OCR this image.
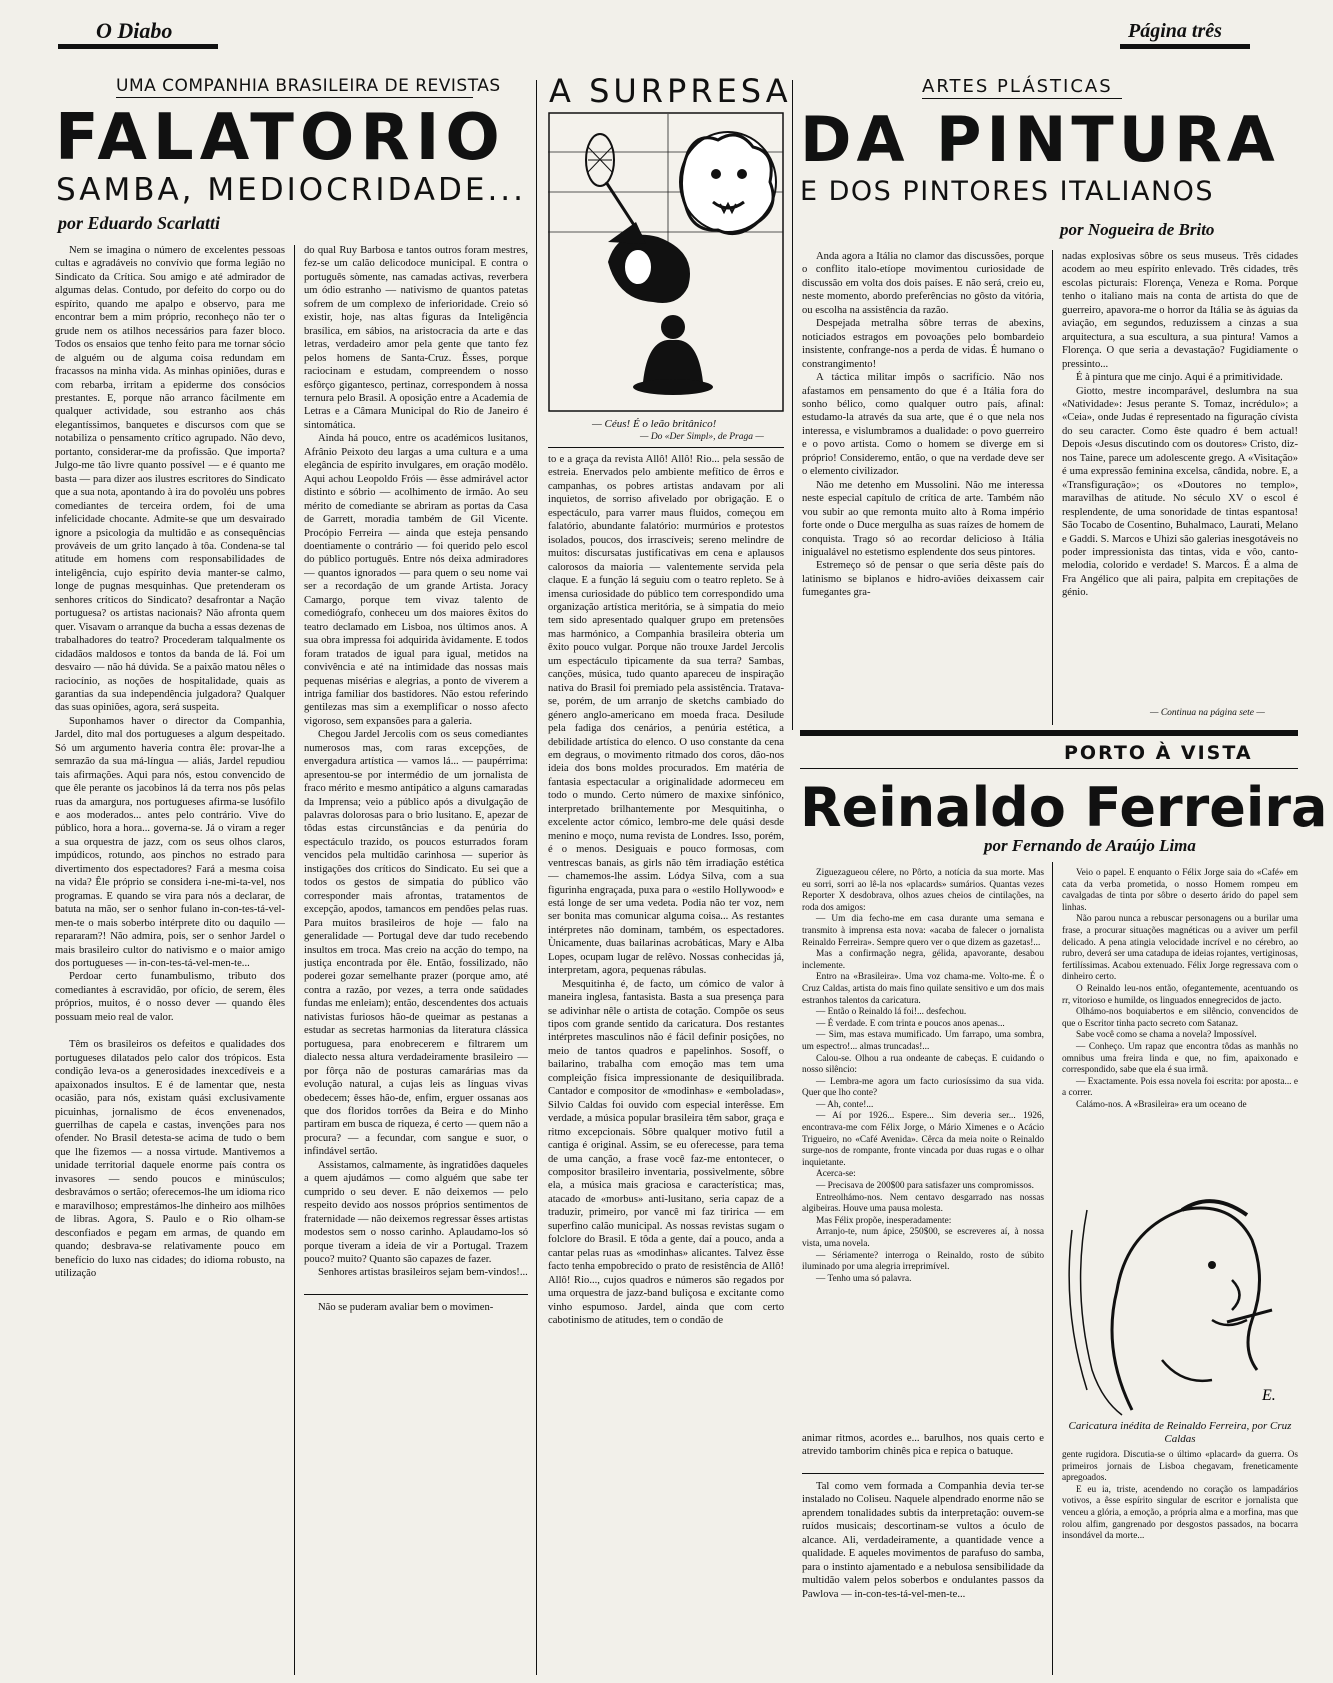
O Diabo	Página três
UMA COMPANHIA BRASILEIRA DE REVISTAS
FALATORIO
SAMBA, MEDIOCRIDADE...
por Eduardo Scarlatti

Nem se imagina o número de excelentes pessoas cultas e agradáveis no convívio que forma legião no Sindicato da Crítica. Sou amigo e até admirador de algumas delas. Contudo, por defeito do corpo ou do espírito, quando me apalpo e observo, para me encontrar bem a mim próprio, reconheço não ter o grude nem os atilhos necessários para fazer bloco. Todos os ensaios que tenho feito para me tornar sócio de alguém ou de alguma coisa redundam em fracassos na minha vida. As minhas opiniões, duras e com rebarba, irritam a epiderme dos consócios prestantes. E, porque não arranco fàcilmente em qualquer actividade, sou estranho aos chás elegantíssimos, banquetes e discursos com que se notabiliza o pensamento crítico agrupado. Não devo, portanto, considerar-me da profissão. Que importa? Julgo-me tão livre quanto possível — e é quanto me basta — para dizer aos ilustres escritores do Sindicato que a sua nota, apontando à ira do povoléu uns pobres comediantes de terceira ordem, foi de uma infelicidade chocante. Admite-se que um desvairado ignore a psicologia da multidão e as consequências prováveis de um grito lançado à tôa. Condena-se tal atitude em homens com responsabilidades de inteligência, cujo espírito devia manter-se calmo, longe de pugnas mesquinhas. Que pretenderam os senhores críticos do Sindicato? desafrontar a Nação portuguesa? os artistas nacionais? Não afronta quem quer. Visavam o arranque da bucha a essas dezenas de trabalhadores do teatro? Procederam talqualmente os cidadãos maldosos e tontos da banda de lá. Foi um desvairo — não há dúvida. Se a paixão matou nêles o raciocínio, as noções de hospitalidade, quais as garantias da sua independência julgadora? Qualquer das suas opiniões, agora, será suspeita.

Suponhamos haver o director da Companhia, Jardel, dito mal dos portugueses a algum despeitado. Só um argumento haveria contra êle: provar-lhe a semrazão da sua má-língua — aliás, Jardel repudiou tais afirmações. Aqui para nós, estou convencido de que êle perante os jacobinos lá da terra nos pôs pelas ruas da amargura, nos portugueses afirma-se lusófilo e aos moderados... antes pelo contrário. Vive do público, hora a hora... governa-se. Já o viram a reger a sua orquestra de jazz, com os seus olhos claros, impúdicos, rotundo, aos pinchos no estrado para divertimento dos espectadores? Fará a mesma coisa na vida? Êle próprio se considera i-ne-mi-ta-vel, nos programas. E quando se vira para nós a declarar, de batuta na mão, ser o senhor fulano in-con-tes-tá-vel-men-te o mais soberbo intérprete dito ou daquilo — repararam?! Não admira, pois, ser o senhor Jardel o mais brasileiro cultor do nativismo e o maior amigo dos portugueses — in-con-tes-tá-vel-men-te...

Perdoar certo funambulismo, tributo dos comediantes à escravidão, por ofício, de serem, êles próprios, muitos, é o nosso dever — quando êles possuam meio real de valor.

Têm os brasileiros os defeitos e qualidades dos portugueses dilatados pelo calor dos trópicos. Esta condição leva-os a generosidades inexcedíveis e a apaixonados insultos. E é de lamentar que, nesta ocasião, para nós, existam quási exclusivamente picuinhas, jornalismo de écos envenenados, guerrilhas de capela e castas, invenções para nos ofender. No Brasil detesta-se acima de tudo o bem que lhe fizemos — a nossa virtude. Mantivemos a unidade territorial daquele enorme país contra os invasores — sendo poucos e minúsculos; desbravámos o sertão; oferecemos-lhe um idioma rico e maravilhoso; emprestámos-lhe dinheiro aos milhões de libras. Agora, S. Paulo e o Rio olham-se desconfiados e pegam em armas, de quando em quando; desbrava-se relativamente pouco em benefício do luxo nas cidades; do idioma robusto, na utilização

do qual Ruy Barbosa e tantos outros foram mestres, fez-se um calão delicodoce municipal. E contra o português sòmente, nas camadas activas, reverbera um ódio estranho — nativismo de quantos patetas sofrem de um complexo de inferioridade. Creio só existir, hoje, nas altas figuras da Inteligência brasílica, em sábios, na aristocracia da arte e das letras, verdadeiro amor pela gente que tanto fez pelos homens de Santa-Cruz. Êsses, porque raciocinam e estudam, compreendem o nosso esfôrço gigantesco, pertinaz, correspondem à nossa ternura pelo Brasil. A oposição entre a Academia de Letras e a Câmara Municipal do Rio de Janeiro é sintomática.

Ainda há pouco, entre os académicos lusitanos, Afrânio Peixoto deu largas a uma cultura e a uma elegância de espírito invulgares, em oração modêlo. Aqui achou Leopoldo Fróis — êsse admirável actor distinto e sóbrio — acolhimento de irmão. Ao seu mérito de comediante se abriram as portas da Casa de Garrett, moradia também de Gil Vicente. Procópio Ferreira — ainda que esteja pensando doentiamente o contrário — foi querido pelo escol do público português. Entre nós deixa admiradores — quantos ignorados — para quem o seu nome vai ser a recordação de um grande Artista. Joracy Camargo, porque tem vivaz talento de comediógrafo, conheceu um dos maiores êxitos do teatro declamado em Lisboa, nos últimos anos. A sua obra impressa foi adquirida àvidamente. E todos foram tratados de igual para igual, metidos na convivência e até na intimidade das nossas mais pequenas misérias e alegrias, a ponto de viverem a intriga familiar dos bastidores. Não estou referindo gentilezas mas sim a exemplificar o nosso afecto vigoroso, sem expansões para a galeria.

Chegou Jardel Jercolis com os seus comediantes numerosos mas, com raras excepções, de envergadura artística — vamos lá... — paupérrima: apresentou-se por intermédio de um jornalista de fraco mérito e mesmo antipático a alguns camaradas da Imprensa; veio a público após a divulgação de palavras dolorosas para o brio lusitano. E, apezar de tôdas estas circunstâncias e da penúria do espectáculo trazido, os poucos esturrados foram vencidos pela multidão carinhosa — superior às instigações dos críticos do Sindicato. Eu sei que a todos os gestos de simpatia do público vão corresponder mais afrontas, tratamentos de excepção, apodos, tamancos em pendões pelas ruas. Para muitos brasileiros de hoje — falo na generalidade — Portugal deve dar tudo recebendo insultos em troca. Mas creio na acção do tempo, na justiça encontrada por êle. Então, fossilizado, não poderei gozar semelhante prazer (porque amo, até contra a razão, por vezes, a terra onde saüdades fundas me enleiam); então, descendentes dos actuais nativistas furiosos hão-de queimar as pestanas a estudar as secretas harmonias da literatura clássica portuguesa, para enobrecerem e filtrarem um dialecto nessa altura verdadeiramente brasileiro — por fôrça não de posturas camarárias mas da evolução natural, a cujas leis as línguas vivas obedecem; êsses hão-de, enfim, erguer ossanas aos que dos floridos torrões da Beira e do Minho partiram em busca de riqueza, é certo — quem não a procura? — a fecundar, com sangue e suor, o infindável sertão.

Assistamos, calmamente, às ingratidões daqueles a quem ajudámos — como alguém que sabe ter cumprido o seu dever. E não deixemos — pelo respeito devido aos nossos próprios sentimentos de fraternidade — não deixemos regressar êsses artistas modestos sem o nosso carinho. Aplaudamo-los só porque tiveram a ideia de vir a Portugal. Trazem pouco? muito? Quanto são capazes de fazer.

Senhores artistas brasileiros sejam bem-vindos!...

Não se puderam avaliar bem o movimen-

A SURPRESA
— Céus! É o leão britânico!
— Do «Der Simpl», de Praga —

to e a graça da revista Allô! Allô! Rio... pela sessão de estreia. Enervados pelo ambiente mefítico de êrros e campanhas, os pobres artistas andavam por ali inquietos, de sorriso afivelado por obrigação. E o espectáculo, para varrer maus fluidos, começou em falatório, abundante falatório: murmúrios e protestos isolados, poucos, dos irrascíveis; sereno melindre de muitos: discursatas justificativas em cena e aplausos calorosos da maioria — valentemente servida pela claque. E a função lá seguiu com o teatro repleto. Se à imensa curiosidade do público tem correspondido uma organização artística meritória, se à simpatia do meio tem sido apresentado qualquer grupo em pretensões mas harmónico, a Companhia brasileira obteria um êxito pouco vulgar. Porque não trouxe Jardel Jercolis um espectáculo tìpicamente da sua terra? Sambas, canções, música, tudo quanto apareceu de inspiração nativa do Brasil foi premiado pela assistência. Tratava-se, porém, de um arranjo de sketchs cambiado do género anglo-americano em moeda fraca. Desilude pela fadiga dos cenários, a penúria estética, a debilidade artística do elenco. O uso constante da cena em degraus, o movimento ritmado dos coros, dão-nos ideia dos bons moldes procurados. Em matéria de fantasia espectacular a originalidade adormeceu em todo o mundo. Certo número de maxixe sinfónico, interpretado brilhantemente por Mesquitinha, o excelente actor cómico, lembro-me dele quási desde menino e moço, numa revista de Londres. Isso, porém, é o menos. Desiguais e pouco formosas, com ventrescas banais, as girls não têm irradiação estética — chamemos-lhe assim. Lódya Silva, com a sua figurinha engraçada, puxa para o «estilo Hollywood» e está longe de ser uma vedeta. Podia não ter voz, nem ser bonita mas comunicar alguma coisa... As restantes intérpretes não dominam, também, os espectadores. Ùnicamente, duas bailarinas acrobáticas, Mary e Alba Lopes, ocupam lugar de relêvo. Nossas conhecidas já, interpretam, agora, pequenas rábulas.

Mesquitinha é, de facto, um cómico de valor à maneira inglesa, fantasista. Basta a sua presença para se adivinhar nêle o artista de cotação. Compõe os seus tipos com grande sentido da caricatura. Dos restantes intérpretes masculinos não é fácil definir posições, no meio de tantos quadros e papelinhos. Sosoff, o bailarino, trabalha com emoção mas tem uma compleição física impressionante de desiquilibrada. Cantador e compositor de «modinhas» e «emboladas», Silvio Caldas foi ouvido com especial interêsse. Em verdade, a música popular brasileira têm sabor, graça e ritmo excepcionais. Sôbre qualquer motivo futil a cantiga é original. Assim, se eu oferecesse, para tema de uma canção, a frase você faz-me entontecer, o compositor brasileiro inventaria, possìvelmente, sôbre ela, a música mais graciosa e característica; mas, atacado de «morbus» anti-lusitano, seria capaz de a traduzir, primeiro, por vancê mi faz tiririca — em superfino calão municipal. As nossas revistas sugam o folclore do Brasil. E tôda a gente, daí a pouco, anda a cantar pelas ruas as «modinhas» alicantes. Talvez êsse facto tenha empobrecido o prato de resistência de Allô! Allô! Rio..., cujos quadros e números são regados por uma orquestra de jazz-band buliçosa e excitante como vinho espumoso. Jardel, ainda que com certo cabotinismo de atitudes, tem o condão de

ARTES PLÁSTICAS
DA PINTURA
E DOS PINTORES ITALIANOS
por Nogueira de Brito

Anda agora a Itália no clamor das discussões, porque o conflito italo-etíope movimentou curiosidade de discussão em volta dos dois países. E não será, creio eu, neste momento, abordo preferências no gôsto da vitória, ou escolha na assistência da razão.

Despejada metralha sôbre terras de abexins, noticiados estragos em povoações pelo bombardeio insistente, confrange-nos a perda de vidas. É humano o constrangimento!

A táctica militar impôs o sacrifício. Não nos afastamos em pensamento do que é a Itália fora do sonho bélico, como qualquer outro país, afinal: estudamo-la através da sua arte, que é o que nela nos interessa, e vislumbramos a dualidade: o povo guerreiro e o povo artista. Como o homem se diverge em si próprio! Consideremo, então, o que na verdade deve ser o elemento civilizador.

Não me detenho em Mussolini. Não me interessa neste especial capítulo de crítica de arte. Também não vou subir ao que remonta muito alto à Roma império forte onde o Duce mergulha as suas raízes de homem de conquista. Trago só ao recordar delicioso à Itália inigualável no estetismo esplendente dos seus pintores.

Estremeço só de pensar o que seria dêste país do latinismo se biplanos e hidro-aviões deixassem cair fumegantes gra-

nadas explosivas sôbre os seus museus. Três cidades acodem ao meu espírito enlevado. Três cidades, três escolas picturais: Florença, Veneza e Roma. Porque tenho o italiano mais na conta de artista do que de guerreiro, apavora-me o horror da Itália se às águias da aviação, em segundos, reduzissem a cinzas a sua arquitectura, a sua escultura, a sua pintura! Vamos a Florença. O que seria a devastação? Fugidiamente o pressinto...

É à pintura que me cinjo. Aqui é a primitividade.

Giotto, mestre incomparável, deslumbra na sua «Natividade»: Jesus perante S. Tomaz, incrédulo»; a «Ceia», onde Judas é representado na figuração cívista do seu caracter. Como êste quadro é bem actual! Depois «Jesus discutindo com os doutores» Cristo, diz-nos Taine, parece um adolescente grego. A «Visitação» é uma expressão feminina excelsa, cândida, nobre. E, a «Transfiguração»; os «Doutores no templo», maravilhas de atitude. No século XV o escol é resplendente, de uma sonoridade de tintas espantosa! São Tocabo de Cosentino, Buhalmaco, Laurati, Melano e Gaddi. S. Marcos e Uhizi são galerias inesgotáveis no poder impressionista das tintas, vida e vôo, canto-melodia, colorido e verdade! S. Marcos. É a alma de Fra Angélico que ali paira, palpita em crepitações de génio.

— Continua na página sete —
PORTO À VISTA
Reinaldo Ferreira
por Fernando de Araújo Lima

Ziguezagueou célere, no Pôrto, a notícia da sua morte. Mas eu sorri, sorri ao lê-la nos «placards» sumários. Quantas vezes Reporter X desdobrava, olhos azues cheios de cintilações, na roda dos amigos:

— Um dia fecho-me em casa durante uma semana e transmito à imprensa esta nova: «acaba de falecer o jornalista Reinaldo Ferreira». Sempre quero ver o que dizem as gazetas!...

Mas a confirmação negra, gélida, apavorante, desabou inclemente.

Entro na «Brasileira». Uma voz chama-me. Volto-me. É o Cruz Caldas, artista do mais fino quilate sensitivo e um dos mais estranhos talentos da caricatura.

— Então o Reinaldo lá foi!... desfechou.

— É verdade. E com trinta e poucos anos apenas...

— Sim, mas estava mumificado. Um farrapo, uma sombra, um espectro!... almas truncadas!...

Calou-se. Olhou a rua ondeante de cabeças. E cuidando o nosso silêncio:

— Lembra-me agora um facto curiosíssimo da sua vida. Quer que lho conte?

— Ah, conte!...

— Aí por 1926... Espere... Sim deveria ser... 1926, encontrava-me com Félix Jorge, o Mário Ximenes e o Acácio Trigueiro, no «Café Avenida». Cêrca da meia noite o Reinaldo surge-nos de rompante, fronte vincada por duas rugas e o olhar inquietante.

Acerca-se:

— Precisava de 200$00 para satisfazer uns compromissos.

Entreolhámo-nos. Nem centavo desgarrado nas nossas algibeiras. Houve uma pausa molesta.

Mas Félix propõe, inesperadamente:

Arranjo-te, num ápice, 250$00, se escreveres aí, à nossa vista, uma novela.

— Sériamente? interroga o Reinaldo, rosto de súbito iluminado por uma alegria irreprimível.

— Tenho uma só palavra.

Veio o papel. E enquanto o Félix Jorge saia do «Café» em cata da verba prometida, o nosso Homem rompeu em cavalgadas de tinta por sôbre o deserto árido do papel sem linhas.

Não parou nunca a rebuscar personagens ou a burilar uma frase, a procurar situações magnéticas ou a aviver um perfil delicado. A pena atingia velocidade incrível e no cérebro, ao rubro, deverá ser uma catadupa de ideias rojantes, vertiginosas, fertilíssimas. Acabou extenuado. Félix Jorge regressava com o dinheiro certo.

O Reinaldo leu-nos então, ofegantemente, acentuando os rr, vitorioso e humilde, os linguados ennegrecidos de jacto.

Olhámo-nos boquiabertos e em silêncio, convencidos de que o Escritor tinha pacto secreto com Satanaz.

Sabe você como se chama a novela? Impossível.

— Conheço. Um rapaz que encontra tôdas as manhãs no omnibus uma freira linda e que, no fim, apaixonado e correspondido, sabe que ela é sua irmã.

— Exactamente. Pois essa novela foi escrita: por aposta... e a correr.

Calámo-nos. A «Brasileira» era um oceano de

E.
Caricatura inédita de Reinaldo Ferreira, por Cruz Caldas

gente rugidora. Discutia-se o último «placard» da guerra. Os primeiros jornais de Lisboa chegavam, freneticamente apregoados.

E eu ia, triste, acendendo no coração os lampadários votivos, a êsse espírito singular de escritor e jornalista que venceu a glória, a emoção, a própria alma e a morfina, mas que rolou alfim, gangrenado por desgostos passados, na bocarra insondável da morte...

animar ritmos, acordes e... barulhos, nos quais certo e atrevido tamborim chinês pica e repica o batuque.

Tal como vem formada a Companhia devia ter-se instalado no Coliseu. Naquele alpendrado enorme não se aprendem tonalidades subtis da interpretação: ouvem-se ruídos musicais; descortinam-se vultos a óculo de alcance. Ali, verdadeiramente, a quantidade vence a qualidade. E aqueles movimentos de parafuso do samba, para o instinto ajamentado e a nebulosa sensibilidade da multidão valem pelos soberbos e ondulantes passos da Pawlova — in-con-tes-tá-vel-men-te...
